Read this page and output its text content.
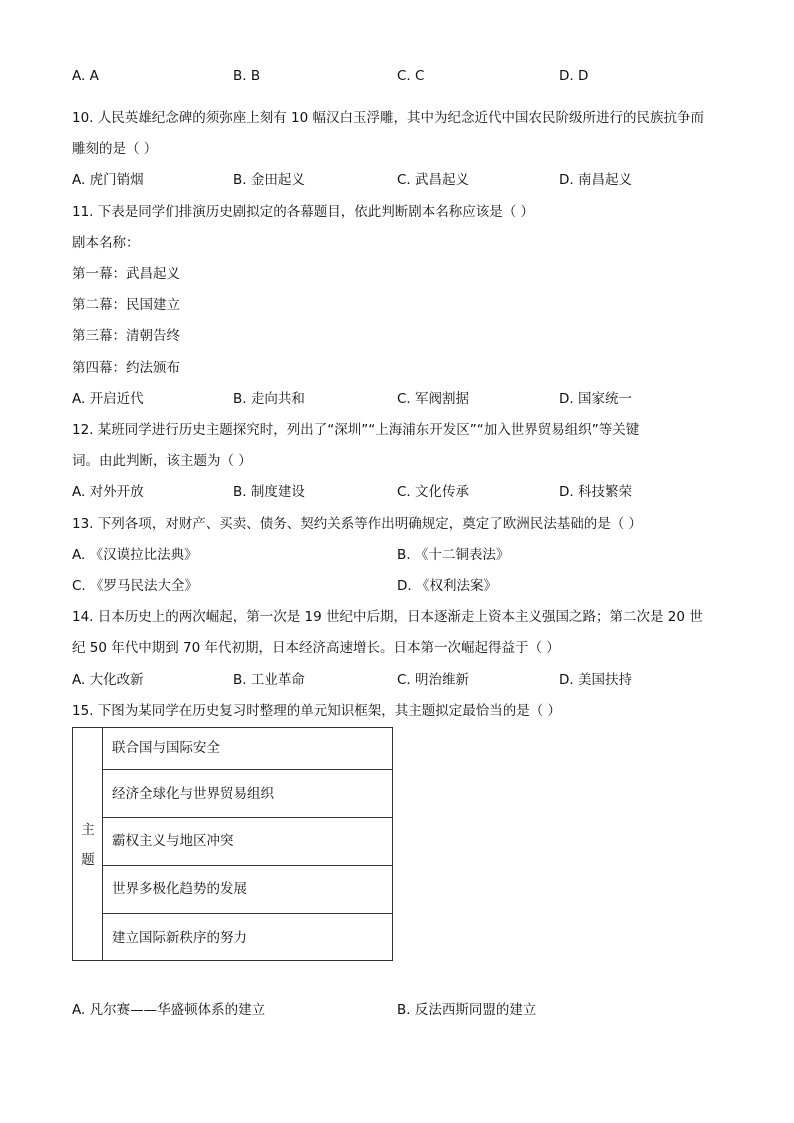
A. A	B. B	C. C	D. D
10. 人民英雄纪念碑的须弥座上刻有 10 幅汉白玉浮雕，其中为纪念近代中国农民阶级所进行的民族抗争而
雕刻的是（ ）
A. 虎门销烟	B. 金田起义	C. 武昌起义	D. 南昌起义
11. 下表是同学们排演历史剧拟定的各幕题目，依此判断剧本名称应该是（ ）
剧本名称：
第一幕：武昌起义
第二幕：民国建立
第三幕：清朝告终
第四幕：约法颁布
A. 开启近代	B. 走向共和	C. 军阀割据	D. 国家统一
12. 某班同学进行历史主题探究时，列出了“深圳”“上海浦东开发区”“加入世界贸易组织”等关键
词。由此判断，该主题为（ ）
A. 对外开放	B. 制度建设	C. 文化传承	D. 科技繁荣
13. 下列各项，对财产、买卖、债务、契约关系等作出明确规定，奠定了欧洲民法基础的是（ ）
A. 《汉谟拉比法典》	B. 《十二铜表法》
C. 《罗马民法大全》	D. 《权利法案》
14. 日本历史上的两次崛起，第一次是 19 世纪中后期，日本逐渐走上资本主义强国之路；第二次是 20 世
纪 50 年代中期到 70 年代初期，日本经济高速增长。日本第一次崛起得益于（ ）
A. 大化改新	B. 工业革命	C. 明治维新	D. 美国扶持
15. 下图为某同学在历史复习时整理的单元知识框架，其主题拟定最恰当的是（ ）
主
题
联合国与国际安全
经济全球化与世界贸易组织
霸权主义与地区冲突
世界多极化趋势的发展
建立国际新秩序的努力
A. 凡尔赛——华盛顿体系的建立	B. 反法西斯同盟的建立
